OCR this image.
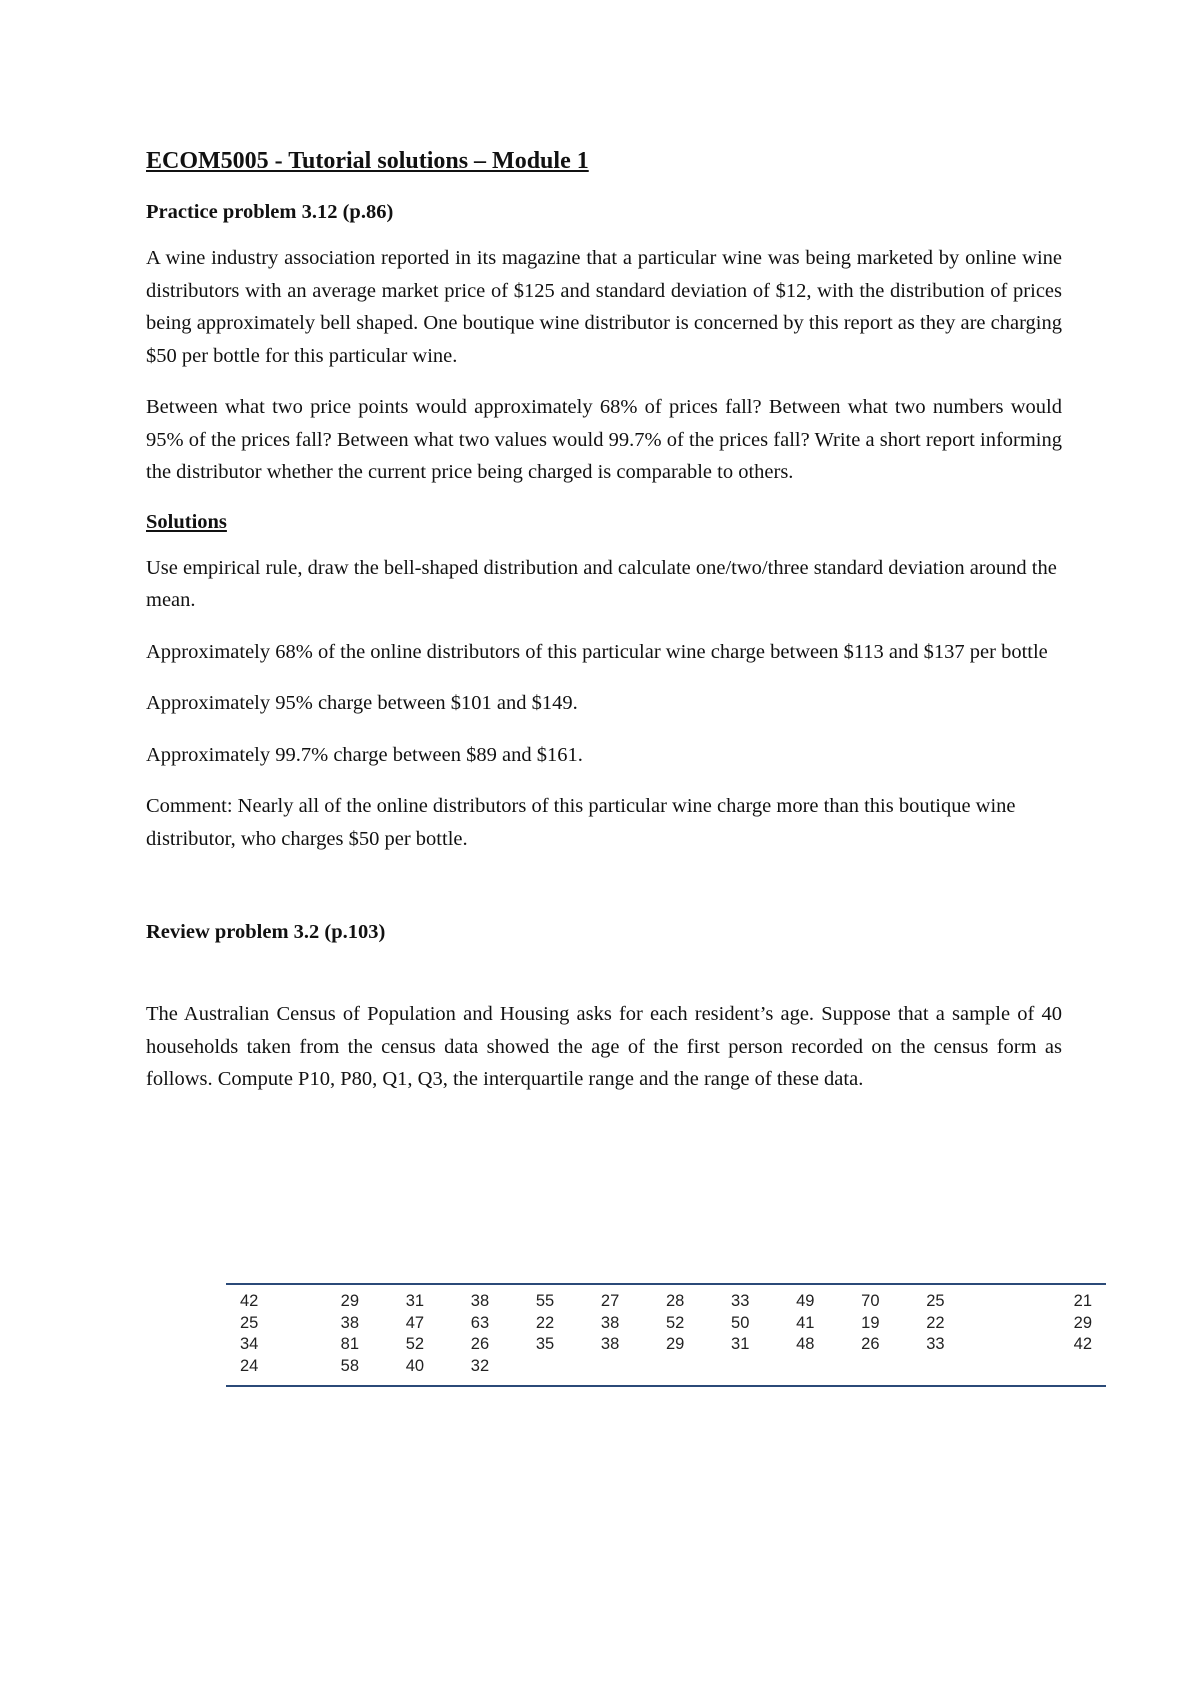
ECOM5005 - Tutorial solutions – Module 1
Practice problem 3.12 (p.86)

A wine industry association reported in its magazine that a particular wine was being marketed by online wine distributors with an average market price of $125 and standard deviation of $12, with the distribution of prices being approximately bell shaped. One boutique wine distributor is concerned by this report as they are charging $50 per bottle for this particular wine.

Between what two price points would approximately 68% of prices fall? Between what two numbers would 95% of the prices fall? Between what two values would 99.7% of the prices fall? Write a short report informing the distributor whether the current price being charged is comparable to others.

Solutions

Use empirical rule, draw the bell-shaped distribution and calculate one/two/three standard deviation around the mean.

Approximately 68% of the online distributors of this particular wine charge between $113 and $137 per bottle

Approximately 95% charge between $101 and $149.

Approximately 99.7% charge between $89 and $161.

Comment: Nearly all of the online distributors of this particular wine charge more than this boutique wine distributor, who charges $50 per bottle.

Review problem 3.2 (p.103)

The Australian Census of Population and Housing asks for each resident’s age. Suppose that a sample of 40 households taken from the census data showed the age of the first person recorded on the census form as follows. Compute P10, P80, Q1, Q3, the interquartile range and the range of these data.

42	29	31	38	55	27	28	33	49	70	25	21
25	38	47	63	22	38	52	50	41	19	22	29
34	81	52	26	35	38	29	31	48	26	33	42
24	58	40	32								
